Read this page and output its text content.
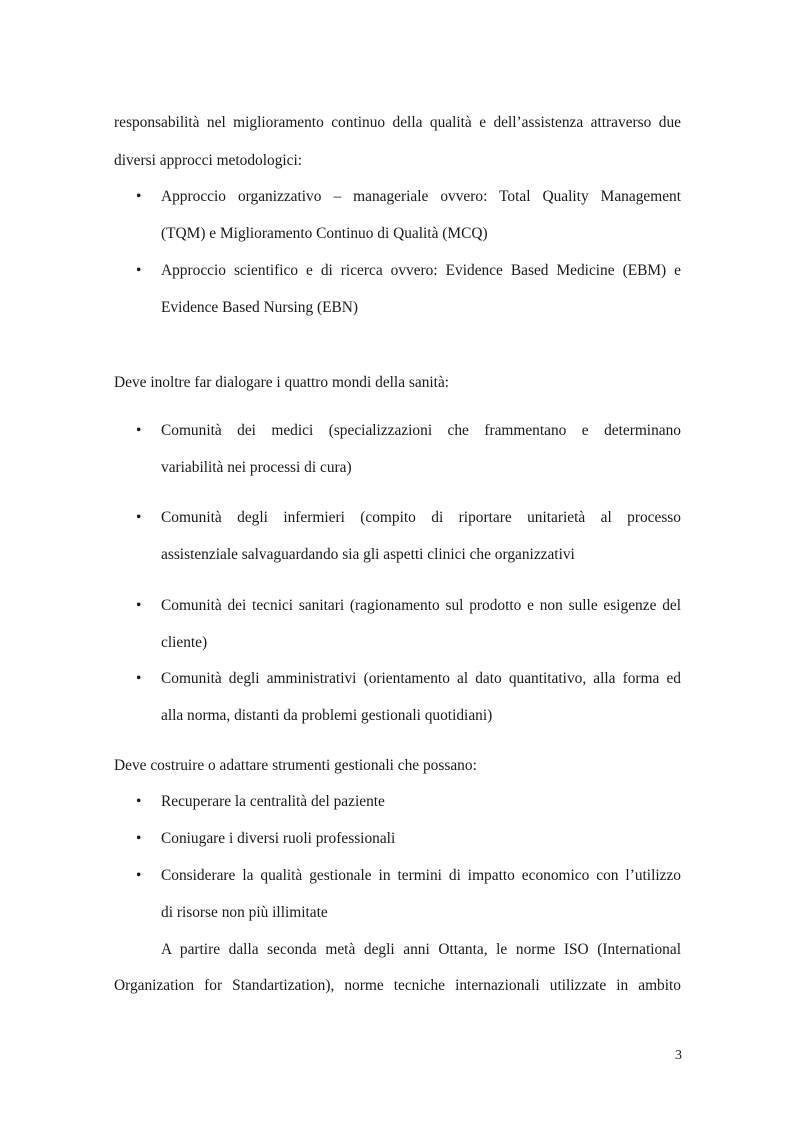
responsabilità nel miglioramento continuo della qualità e dell’assistenza attraverso due
diversi approcci metodologici:
• Approccio organizzativo – manageriale ovvero: Total Quality Management
(TQM) e Miglioramento Continuo di Qualità (MCQ)
• Approccio scientifico e di ricerca ovvero: Evidence Based Medicine (EBM) e
Evidence Based Nursing (EBN)
Deve inoltre far dialogare i quattro mondi della sanità:
• Comunità dei medici (specializzazioni che frammentano e determinano
variabilità nei processi di cura)
• Comunità degli infermieri (compito di riportare unitarietà al processo
assistenziale salvaguardando sia gli aspetti clinici che organizzativi
• Comunità dei tecnici sanitari (ragionamento sul prodotto e non sulle esigenze del
cliente)
• Comunità degli amministrativi (orientamento al dato quantitativo, alla forma ed
alla norma, distanti da problemi gestionali quotidiani)
Deve costruire o adattare strumenti gestionali che possano:
• Recuperare la centralità del paziente
• Coniugare i diversi ruoli professionali
• Considerare la qualità gestionale in termini di impatto economico con l’utilizzo
di risorse non più illimitate
A partire dalla seconda metà degli anni Ottanta, le norme ISO (International
Organization for Standartization), norme tecniche internazionali utilizzate in ambito
3
